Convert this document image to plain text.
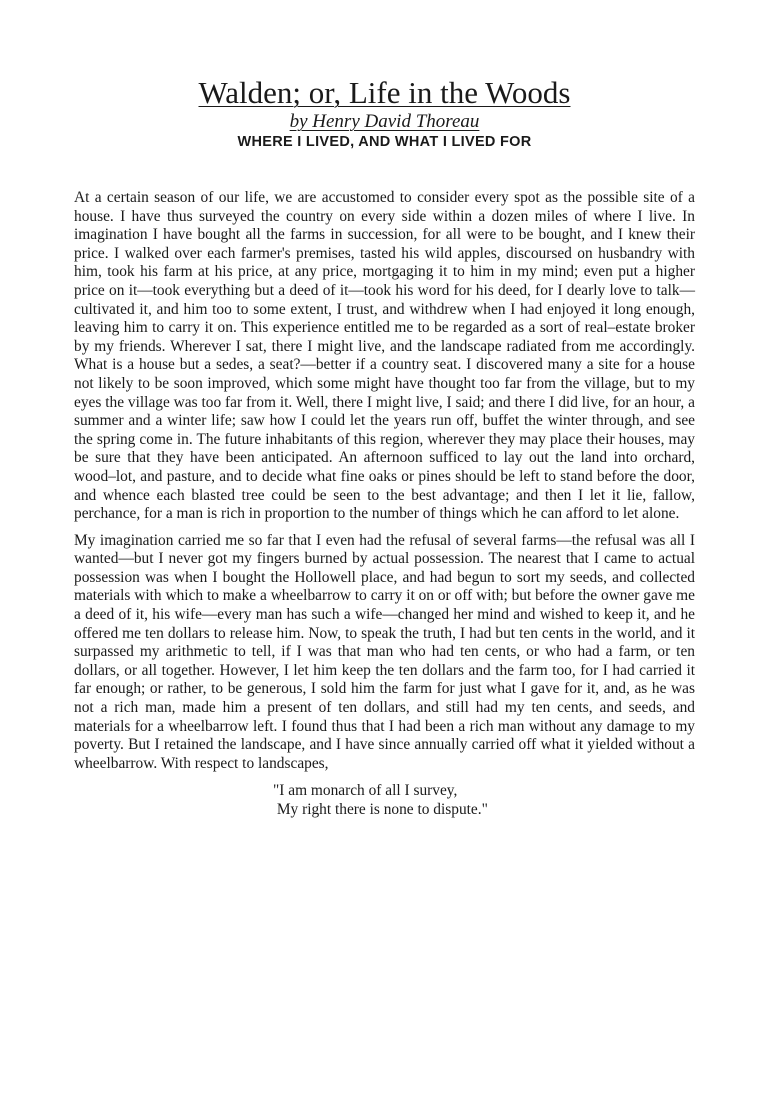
Walden; or, Life in the Woods
by Henry David Thoreau
WHERE I LIVED, AND WHAT I LIVED FOR

At a certain season of our life, we are accustomed to consider every spot as the possible site of a house. I have thus surveyed the country on every side within a dozen miles of where I live. In imagination I have bought all the farms in succession, for all were to be bought, and I knew their price. I walked over each farmer's premises, tasted his wild apples, discoursed on husbandry with him, took his farm at his price, at any price, mortgaging it to him in my mind; even put a higher price on it—took everything but a deed of it—took his word for his deed, for I dearly love to talk—cultivated it, and him too to some extent, I trust, and withdrew when I had enjoyed it long enough, leaving him to carry it on. This experience entitled me to be regarded as a sort of real–estate broker by my friends. Wherever I sat, there I might live, and the landscape radiated from me accordingly. What is a house but a sedes, a seat?—better if a country seat. I discovered many a site for a house not likely to be soon improved, which some might have thought too far from the village, but to my eyes the village was too far from it. Well, there I might live, I said; and there I did live, for an hour, a summer and a winter life; saw how I could let the years run off, buffet the winter through, and see the spring come in. The future inhabitants of this region, wherever they may place their houses, may be sure that they have been anticipated. An afternoon sufficed to lay out the land into orchard, wood–lot, and pasture, and to decide what fine oaks or pines should be left to stand before the door, and whence each blasted tree could be seen to the best advantage; and then I let it lie, fallow, perchance, for a man is rich in proportion to the number of things which he can afford to let alone.

My imagination carried me so far that I even had the refusal of several farms—the refusal was all I wanted—but I never got my fingers burned by actual possession. The nearest that I came to actual possession was when I bought the Hollowell place, and had begun to sort my seeds, and collected materials with which to make a wheelbarrow to carry it on or off with; but before the owner gave me a deed of it, his wife—every man has such a wife—changed her mind and wished to keep it, and he offered me ten dollars to release him. Now, to speak the truth, I had but ten cents in the world, and it surpassed my arithmetic to tell, if I was that man who had ten cents, or who had a farm, or ten dollars, or all together. However, I let him keep the ten dollars and the farm too, for I had carried it far enough; or rather, to be generous, I sold him the farm for just what I gave for it, and, as he was not a rich man, made him a present of ten dollars, and still had my ten cents, and seeds, and materials for a wheelbarrow left. I found thus that I had been a rich man without any damage to my poverty. But I retained the landscape, and I have since annually carried off what it yielded without a wheelbarrow. With respect to landscapes,

"I am monarch of all I survey,
My right there is none to dispute."
